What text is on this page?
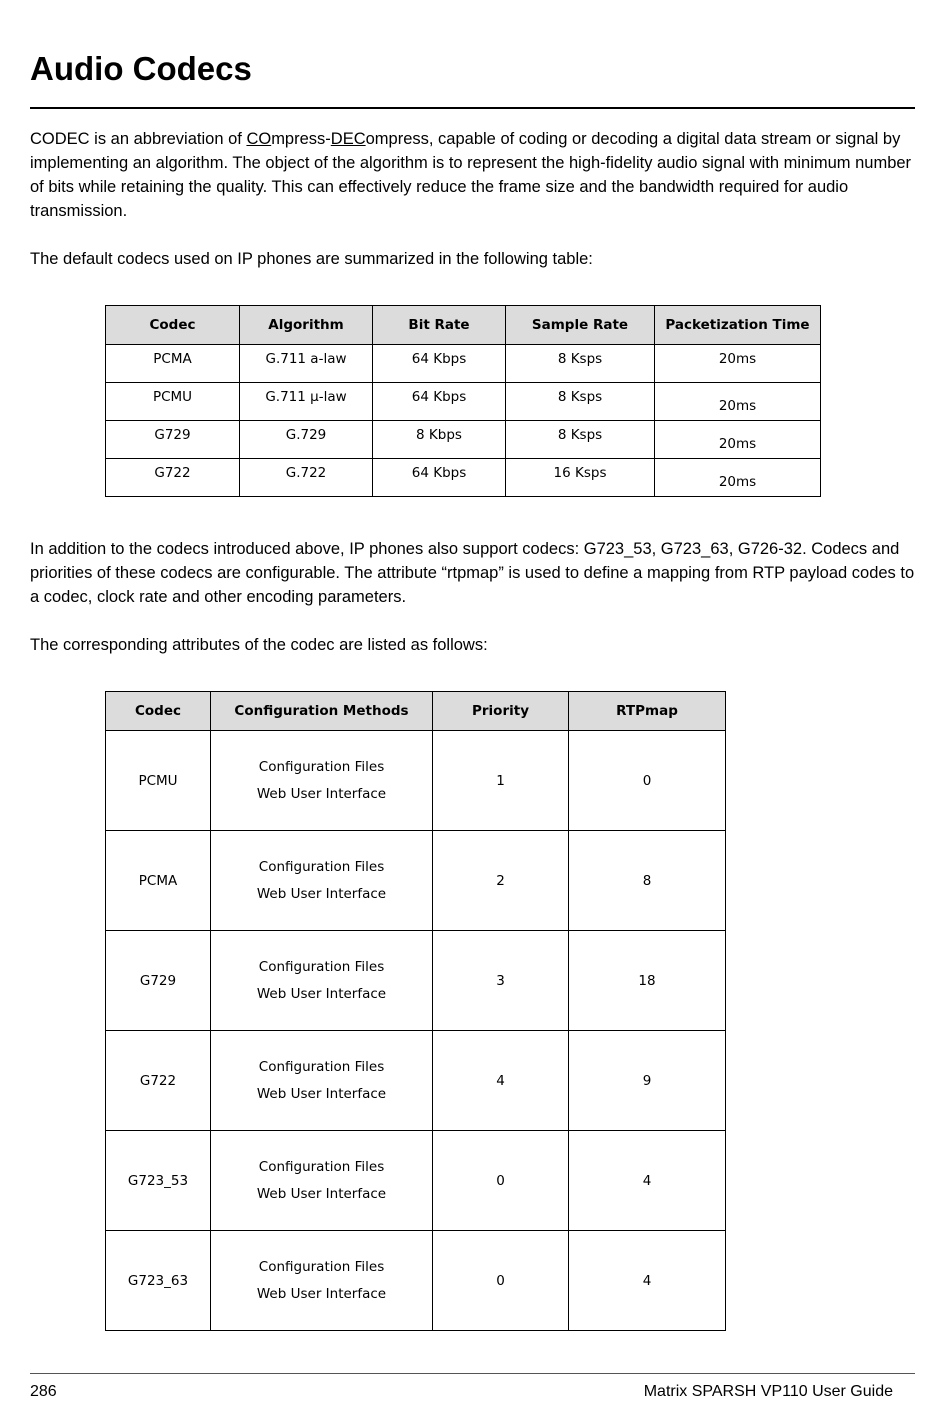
Audio Codecs

CODEC is an abbreviation of COmpress-DECompress, capable of coding or decoding a digital data stream or signal by implementing an algorithm. The object of the algorithm is to represent the high-fidelity audio signal with minimum number of bits while retaining the quality. This can effectively reduce the frame size and the bandwidth required for audio transmission.

The default codecs used on IP phones are summarized in the following table:

Codec	Algorithm	Bit Rate	Sample Rate	Packetization Time
PCMA	G.711 a-law	64 Kbps	8 Ksps	20ms
PCMU	G.711 μ-law	64 Kbps	8 Ksps	20ms
G729	G.729	8 Kbps	8 Ksps	20ms
G722	G.722	64 Kbps	16 Ksps	20ms

In addition to the codecs introduced above, IP phones also support codecs: G723_53, G723_63, G726-32. Codecs and priorities of these codecs are configurable. The attribute “rtpmap” is used to define a mapping from RTP payload codes to a codec, clock rate and other encoding parameters.

The corresponding attributes of the codec are listed as follows:

Codec	Configuration Methods	Priority	RTPmap
PCMU	Configuration Files
Web User Interface	1	0
PCMA	Configuration Files
Web User Interface	2	8
G729	Configuration Files
Web User Interface	3	18
G722	Configuration Files
Web User Interface	4	9
G723_53	Configuration Files
Web User Interface	0	4
G723_63	Configuration Files
Web User Interface	0	4
286	Matrix SPARSH VP110 User Guide
